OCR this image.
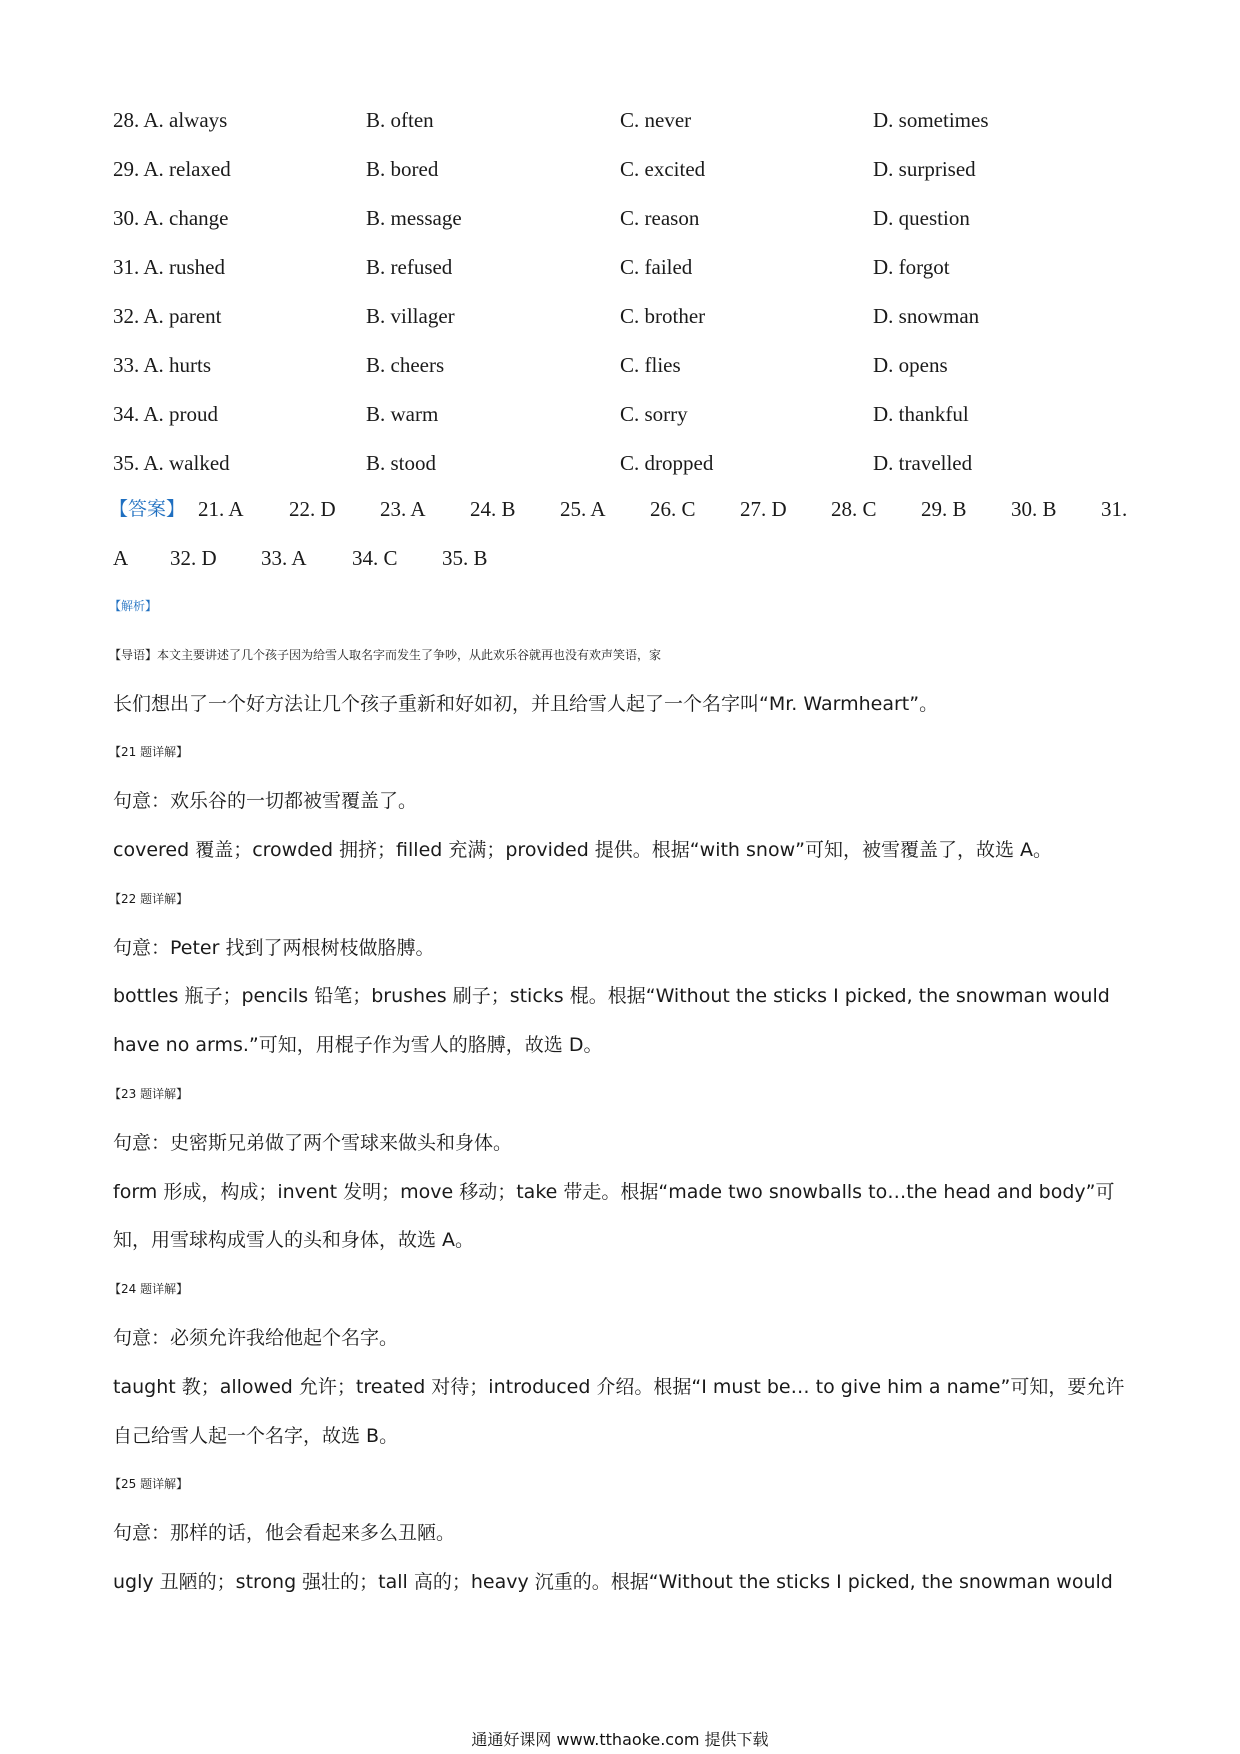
28. A. always	B. often	C. never	D. sometimes
29. A. relaxed	B. bored	C. excited	D. surprised
30. A. change	B. message	C. reason	D. question
31. A. rushed	B. refused	C. failed	D. forgot
32. A. parent	B. villager	C. brother	D. snowman
33. A. hurts	B. cheers	C. flies	D. opens
34. A. proud	B. warm	C. sorry	D. thankful
35. A. walked	B. stood	C. dropped	D. travelled
【答案】 21. A 22. D 23. A 24. B 25. A 26. C 27. D 28. C 29. B 30. B 31.
A 32. D 33. A 34. C 35. B
【解析】
【导语】本文主要讲述了几个孩子因为给雪人取名字而发生了争吵，从此欢乐谷就再也没有欢声笑语，家
长们想出了一个好方法让几个孩子重新和好如初，并且给雪人起了一个名字叫“Mr. Warmheart”。
【21 题详解】
句意：欢乐谷的一切都被雪覆盖了。
covered 覆盖；crowded 拥挤；filled 充满；provided 提供。根据“with snow”可知，被雪覆盖了，故选 A。
【22 题详解】
句意：Peter 找到了两根树枝做胳膊。
bottles 瓶子；pencils 铅笔；brushes 刷子；sticks 棍。根据“Without the sticks I picked, the snowman would
have no arms.”可知，用棍子作为雪人的胳膊，故选 D。
【23 题详解】
句意：史密斯兄弟做了两个雪球来做头和身体。
form 形成，构成；invent 发明；move 移动；take 带走。根据“made two snowballs to…the head and body”可
知，用雪球构成雪人的头和身体，故选 A。
【24 题详解】
句意：必须允许我给他起个名字。
taught 教；allowed 允许；treated 对待；introduced 介绍。根据“I must be… to give him a name”可知，要允许
自己给雪人起一个名字，故选 B。
【25 题详解】
句意：那样的话，他会看起来多么丑陋。
ugly 丑陋的；strong 强壮的；tall 高的；heavy 沉重的。根据“Without the sticks I picked, the snowman would
通通好课网 www.tthaoke.com 提供下载
